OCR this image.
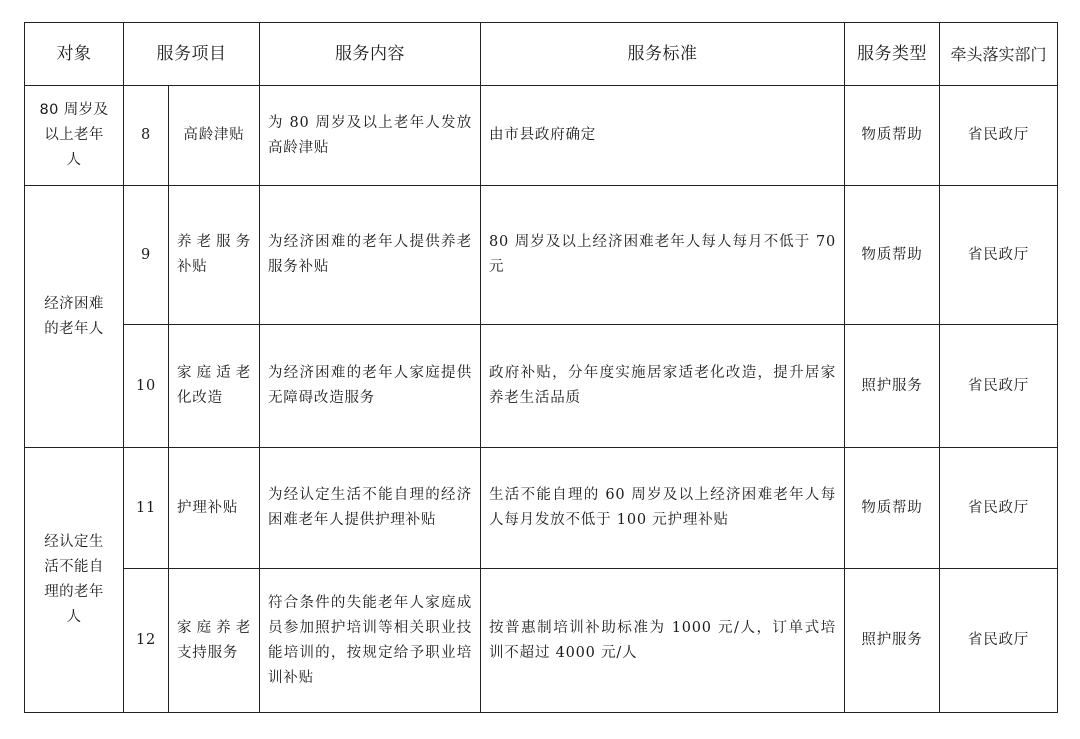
对象	服务项目		服务内容	服务标准	服务类型	牵头落实部门
80 周岁及以上老年人	8	高龄津贴	为 80 周岁及以上老年人发放高龄津贴	由市县政府确定	物质帮助	省民政厅
经济困难的老年人	9	养老服务补贴	为经济困难的老年人提供养老服务补贴	80 周岁及以上经济困难老年人每人每月不低于 70 元	物质帮助	省民政厅
	10	家庭适老化改造	为经济困难的老年人家庭提供无障碍改造服务	政府补贴，分年度实施居家适老化改造，提升居家养老生活品质	照护服务	省民政厅
经认定生活不能自理的老年人	11	护理补贴	为经认定生活不能自理的经济困难老年人提供护理补贴	生活不能自理的 60 周岁及以上经济困难老年人每人每月发放不低于 100 元护理补贴	物质帮助	省民政厅
	12	家庭养老支持服务	符合条件的失能老年人家庭成员参加照护培训等相关职业技能培训的，按规定给予职业培训补贴	按普惠制培训补助标准为 1000 元/人，订单式培训不超过 4000 元/人	照护服务	省民政厅
